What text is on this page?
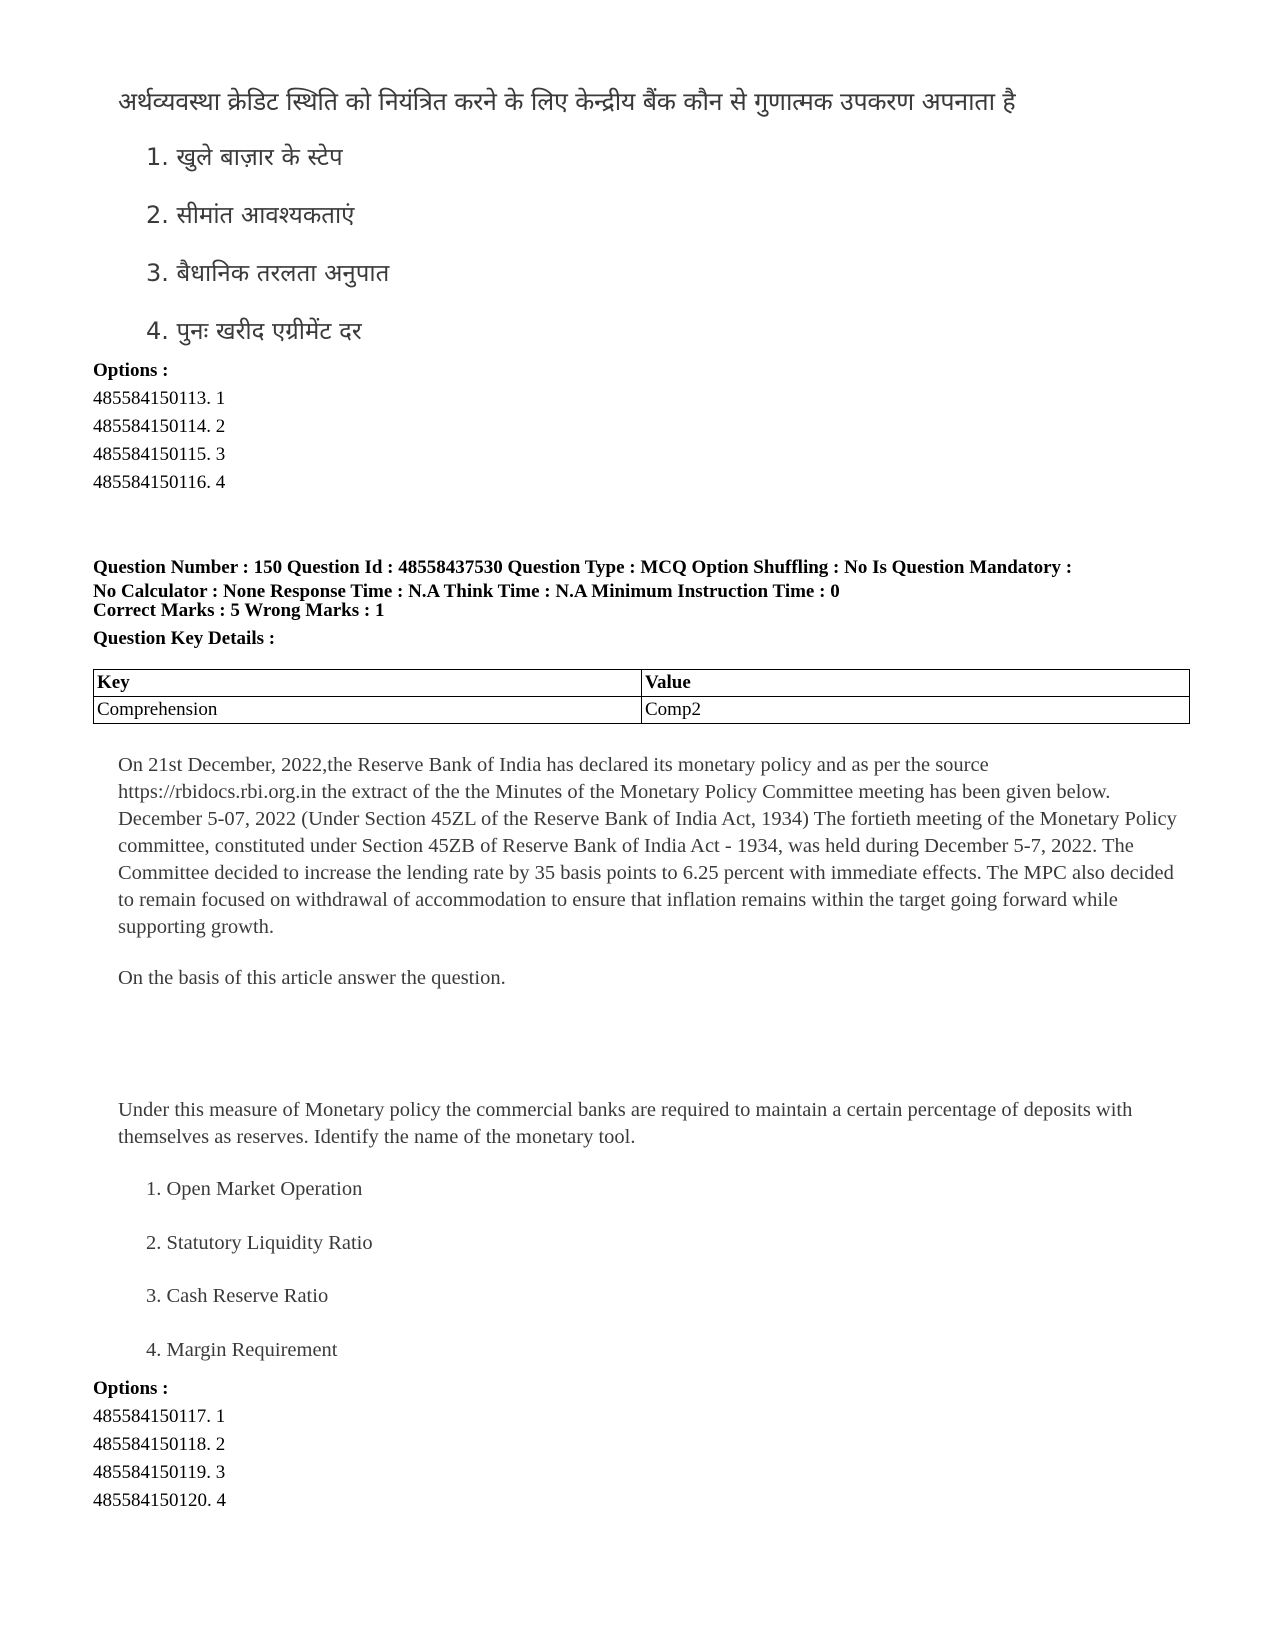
अर्थव्यवस्था क्रेडिट स्थिति को नियंत्रित करने के लिए केन्द्रीय बैंक कौन से गुणात्मक उपकरण अपनाता है
1. खुले बाज़ार के स्टेप
2. सीमांत आवश्यकताएं
3. बैधानिक तरलता अनुपात
4. पुनः खरीद एग्रीमेंट दर
Options :
485584150113. 1
485584150114. 2
485584150115. 3
485584150116. 4
Question Number : 150 Question Id : 48558437530 Question Type : MCQ Option Shuffling : No Is Question Mandatory :
No Calculator : None Response Time : N.A Think Time : N.A Minimum Instruction Time : 0
Correct Marks : 5 Wrong Marks : 1
Question Key Details :
Key	Value
Comprehension	Comp2

On 21st December, 2022,the Reserve Bank of India has declared its monetary policy and as per the source https://rbidocs.rbi.org.in the extract of the the Minutes of the Monetary Policy Committee meeting has been given below.

December 5-07, 2022 (Under Section 45ZL of the Reserve Bank of India Act, 1934) The fortieth meeting of the Monetary Policy committee, constituted under Section 45ZB of Reserve Bank of India Act - 1934, was held during December 5-7, 2022. The Committee decided to increase the lending rate by 35 basis points to 6.25 percent with immediate effects. The MPC also decided to remain focused on withdrawal of accommodation to ensure that inflation remains within the target going forward while supporting growth.

On the basis of this article answer the question.

Under this measure of Monetary policy the commercial banks are required to maintain a certain percentage of deposits with themselves as reserves. Identify the name of the monetary tool.
1. Open Market Operation
2. Statutory Liquidity Ratio
3. Cash Reserve Ratio
4. Margin Requirement
Options :
485584150117. 1
485584150118. 2
485584150119. 3
485584150120. 4
